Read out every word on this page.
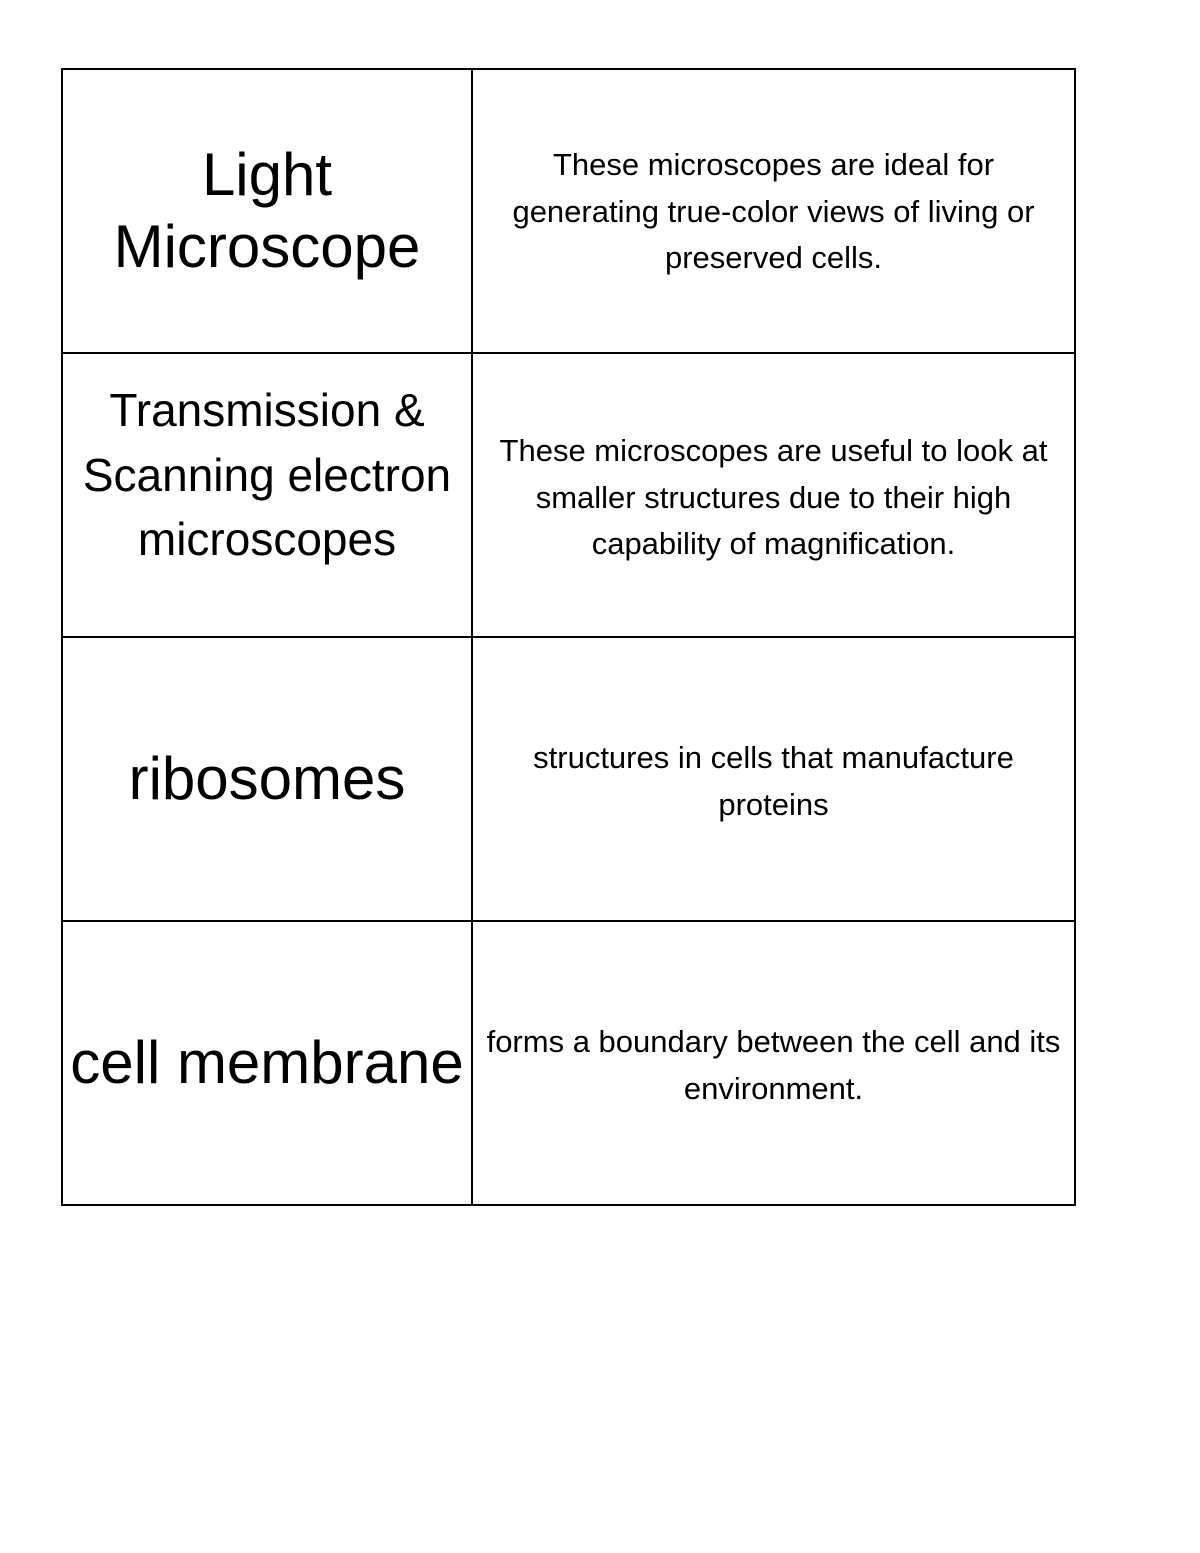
Light Microscope	These microscopes are ideal for generating true-color views of living or preserved cells.
Transmission & Scanning electron microscopes	These microscopes are useful to look at smaller structures due to their high capability of magnification.
ribosomes	structures in cells that manufacture proteins
cell membrane	forms a boundary between the cell and its environment.
